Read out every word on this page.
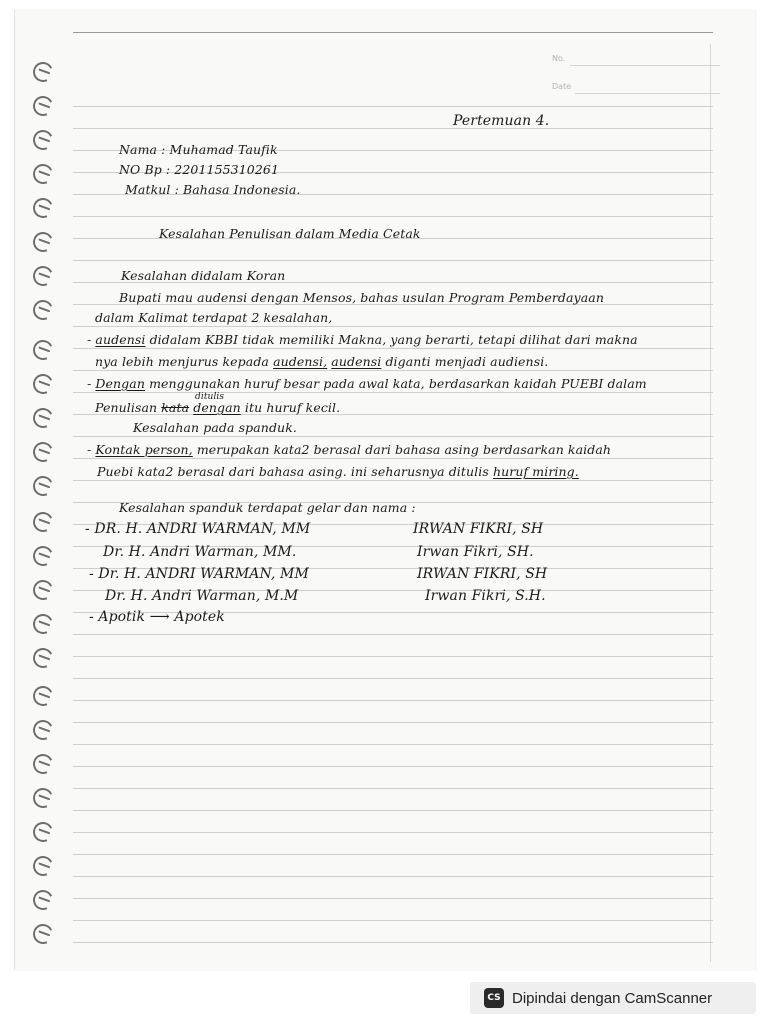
No.
Date
Pertemuan 4.
Nama : Muhamad Taufik
NO Bp : 2201155310261
Matkul : Bahasa Indonesia.
Kesalahan Penulisan dalam Media Cetak
Kesalahan didalam Koran
Bupati mau audensi dengan Mensos, bahas usulan Program Pemberdayaan
dalam Kalimat terdapat 2 kesalahan,
- audensi didalam KBBI tidak memiliki Makna, yang berarti, tetapi dilihat dari makna
nya lebih menjurus kepada audensi, audensi diganti menjadi audiensi.
- Dengan menggunakan huruf besar pada awal kata, berdasarkan kaidah PUEBI dalam
ditulis
Penulisan kata dengan itu huruf kecil.
Kesalahan pada spanduk.
- Kontak person, merupakan kata2 berasal dari bahasa asing berdasarkan kaidah
Puebi kata2 berasal dari bahasa asing. ini seharusnya ditulis huruf miring.
Kesalahan spanduk terdapat gelar dan nama :
- DR. H. ANDRI WARMAN, MM	IRWAN FIKRI, SH
Dr. H. Andri Warman, MM.	Irwan Fikri, SH.
- Dr. H. ANDRI WARMAN, MM	IRWAN FIKRI, SH
Dr. H. Andri Warman, M.M	Irwan Fikri, S.H.
- Apotik ⟶ Apotek
CS Dipindai dengan CamScanner
